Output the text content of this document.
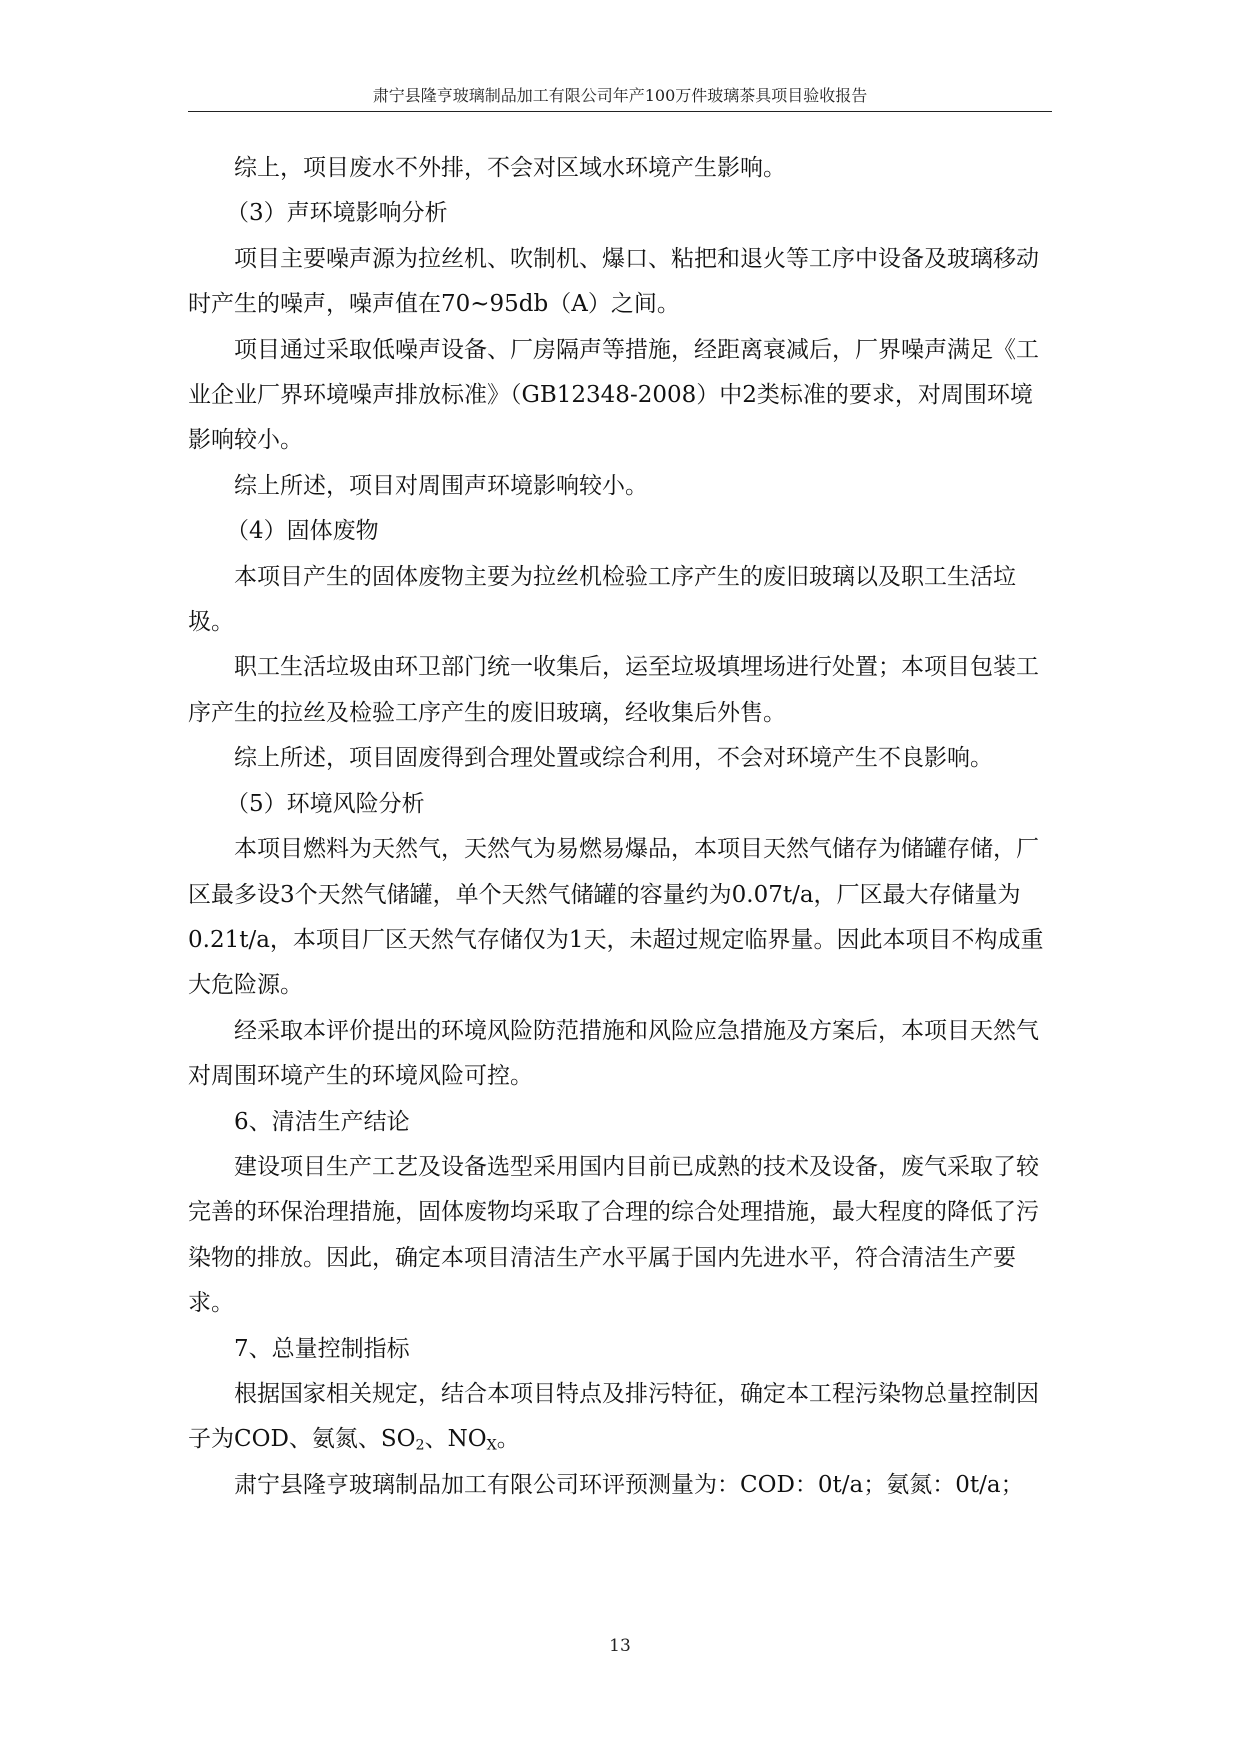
肃宁县隆亨玻璃制品加工有限公司年产100万件玻璃茶具项目验收报告

综上，项目废水不外排，不会对区域水环境产生影响。

（3）声环境影响分析

项目主要噪声源为拉丝机、吹制机、爆口、粘把和退火等工序中设备及玻璃移动时产生的噪声，噪声值在70~95db（A）之间。

项目通过采取低噪声设备、厂房隔声等措施，经距离衰减后，厂界噪声满足《工业企业厂界环境噪声排放标准》（GB12348-2008）中2类标准的要求，对周围环境影响较小。

综上所述，项目对周围声环境影响较小。

（4）固体废物

本项目产生的固体废物主要为拉丝机检验工序产生的废旧玻璃以及职工生活垃圾。

职工生活垃圾由环卫部门统一收集后，运至垃圾填埋场进行处置；本项目包装工序产生的拉丝及检验工序产生的废旧玻璃，经收集后外售。

综上所述，项目固废得到合理处置或综合利用，不会对环境产生不良影响。

（5）环境风险分析

本项目燃料为天然气，天然气为易燃易爆品，本项目天然气储存为储罐存储，厂区最多设3个天然气储罐，单个天然气储罐的容量约为0.07t/a，厂区最大存储量为0.21t/a，本项目厂区天然气存储仅为1天，未超过规定临界量。因此本项目不构成重大危险源。

经采取本评价提出的环境风险防范措施和风险应急措施及方案后，本项目天然气对周围环境产生的环境风险可控。

6、清洁生产结论

建设项目生产工艺及设备选型采用国内目前已成熟的技术及设备，废气采取了较完善的环保治理措施，固体废物均采取了合理的综合处理措施，最大程度的降低了污染物的排放。因此，确定本项目清洁生产水平属于国内先进水平，符合清洁生产要求。

7、总量控制指标

根据国家相关规定，结合本项目特点及排污特征，确定本工程污染物总量控制因子为COD、氨氮、$SO_2$、$NO_X$。

肃宁县隆亨玻璃制品加工有限公司环评预测量为：COD：0t/a；氨氮：0t/a；

13
